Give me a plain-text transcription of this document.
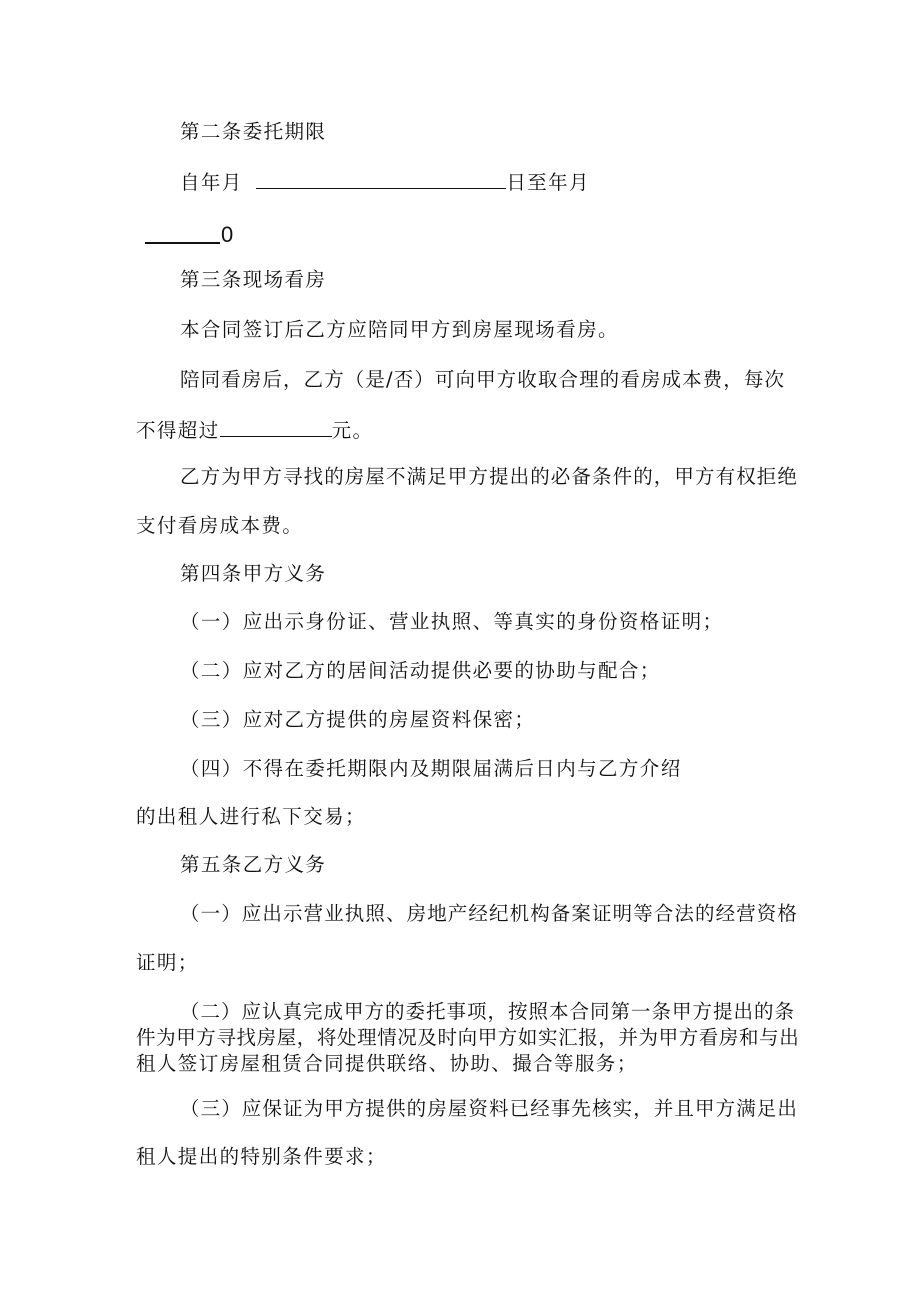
第二条委托期限
自年月	日至年月
0
第三条现场看房
本合同签订后乙方应陪同甲方到房屋现场看房。
陪同看房后，乙方（是/否）可向甲方收取合理的看房成本费，每次
不得超过	元。
乙方为甲方寻找的房屋不满足甲方提出的必备条件的，甲方有权拒绝
支付看房成本费。
第四条甲方义务
（一）应出示身份证、营业执照、等真实的身份资格证明；
（二）应对乙方的居间活动提供必要的协助与配合；
（三）应对乙方提供的房屋资料保密；
（四）不得在委托期限内及期限届满后日内与乙方介绍
的出租人进行私下交易；
第五条乙方义务
（一）应出示营业执照、房地产经纪机构备案证明等合法的经营资格
证明；
（二）应认真完成甲方的委托事项，按照本合同第一条甲方提出的条
件为甲方寻找房屋，将处理情况及时向甲方如实汇报，并为甲方看房和与出
租人签订房屋租赁合同提供联络、协助、撮合等服务；
（三）应保证为甲方提供的房屋资料已经事先核实，并且甲方满足出
租人提出的特别条件要求；
